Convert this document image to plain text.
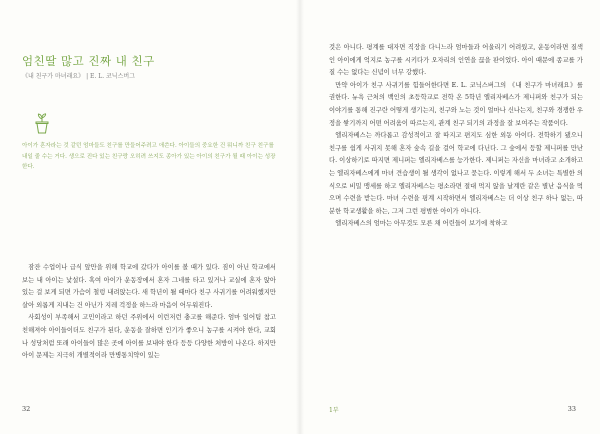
엄친딸 많고 진짜 내 친구
《내 친구가 마녀래요》 | E. L. 코닉스버그

아이가 혼자라는 것 같던 엄마들도 친구를 만들어주려고 애쓴다. 아이들의 중요한 건 뭐니까 친구 친구를 내일 줄 수는 거다. 생으로 진다 있는 친구랑 오히려 쓰지도 종아가 있는 아이의 친구가 될 때 아이는 성장한다.

잠잔 수업이나 급식 앞만을 위해 학교에 갔다가 아이를 볼 때가 있다. 짐이 아닌 학교에서 보는 내 아이는 낯설다. 혹여 아이가 운동장에서 혼자 그네를 타고 있거나 교실에 혼자 앉아 있는 걸 보게 되면 가슴이 철렁 내려앉는다. 새 학년이 될 때마다 친구 사귀기를 어려워했지만 살아 외롭게 지내는 건 아닌가 지레 걱정을 하느라 마음이 어두워진다.

사회성이 부족해서 고민이라고 하던 주위에서 이런저런 충고를 해준다. 엄마 일어팀 참고 친해져야 아이들이더도 친구가 된다, 운동을 잘하면 인기가 좋으니 농구를 시켜야 한다, 교회나 성당처럼 또래 아이들이 많은 곳에 아이를 보내야 한다 등등 다양한 처방이 나온다. 하지만 아이 문제는 지극히 개별적이라 만병통치약이 있는

32

것은 아니다. 평계를 대자면 직장을 다니느라 엄마들과 어울리기 어려웠고, 운동이라면 질색인 아이에게 억지로 농구를 시키다가 오자리의 인연을 끊을 판이었다. 아이 때문에 종교를 가질 수는 없다는 신념이 너무 강했다.

만약 아이가 친구 사귀기를 힘들어한다면 E. L. 코닉스버그의 《내 친구가 마녀래요》를 권한다. 뉴욕 근처의 백인의 초등학교로 전학 온 5학년 엘리자베스가 제니퍼와 친구가 되는 이야기를 통해 진구란 어떻게 생기는지, 친구와 노는 것이 얼마나 신나는지, 친구와 경쟁한 우정을 쌓기까지 어떤 어려움이 따르는지, 관계 친구 되기의 과정을 잘 보여주는 작품이다.

엘리자베스는 까다롭고 감성적이고 잘 따지고 편지도 심한 외동 아이다. 전학하기 됐으니 친구를 쉽게 사귀지 못해 혼자 숲속 길을 걸어 학교에 다닌다. 그 숲에서 등할 제니퍼를 만난다. 이상하기로 따지면 제니퍼는 엘리자베스를 능가한다. 제니퍼는 자신을 마녀라고 소개하고는 엘리자베스에게 마녀 견습생이 될 생각이 없나고 묻는다. 이렇게 해서 두 소녀는 특별한 의식으로 비밀 맹세를 하고 엘리자베스는 평소라면 절대 먹지 않을 날계란 같은 별난 음식을 먹으며 수련을 받는다. 마녀 수련을 핑계 시작하면서 엘리자베스는 더 이상 친구 하나 없는, 따분한 학교생활을 하는, 그저 그런 평범한 아이가 아니다.

엘리자베스의 엄마는 아무것도 모른 채 어린들이 보기에 착하고

1부	33
